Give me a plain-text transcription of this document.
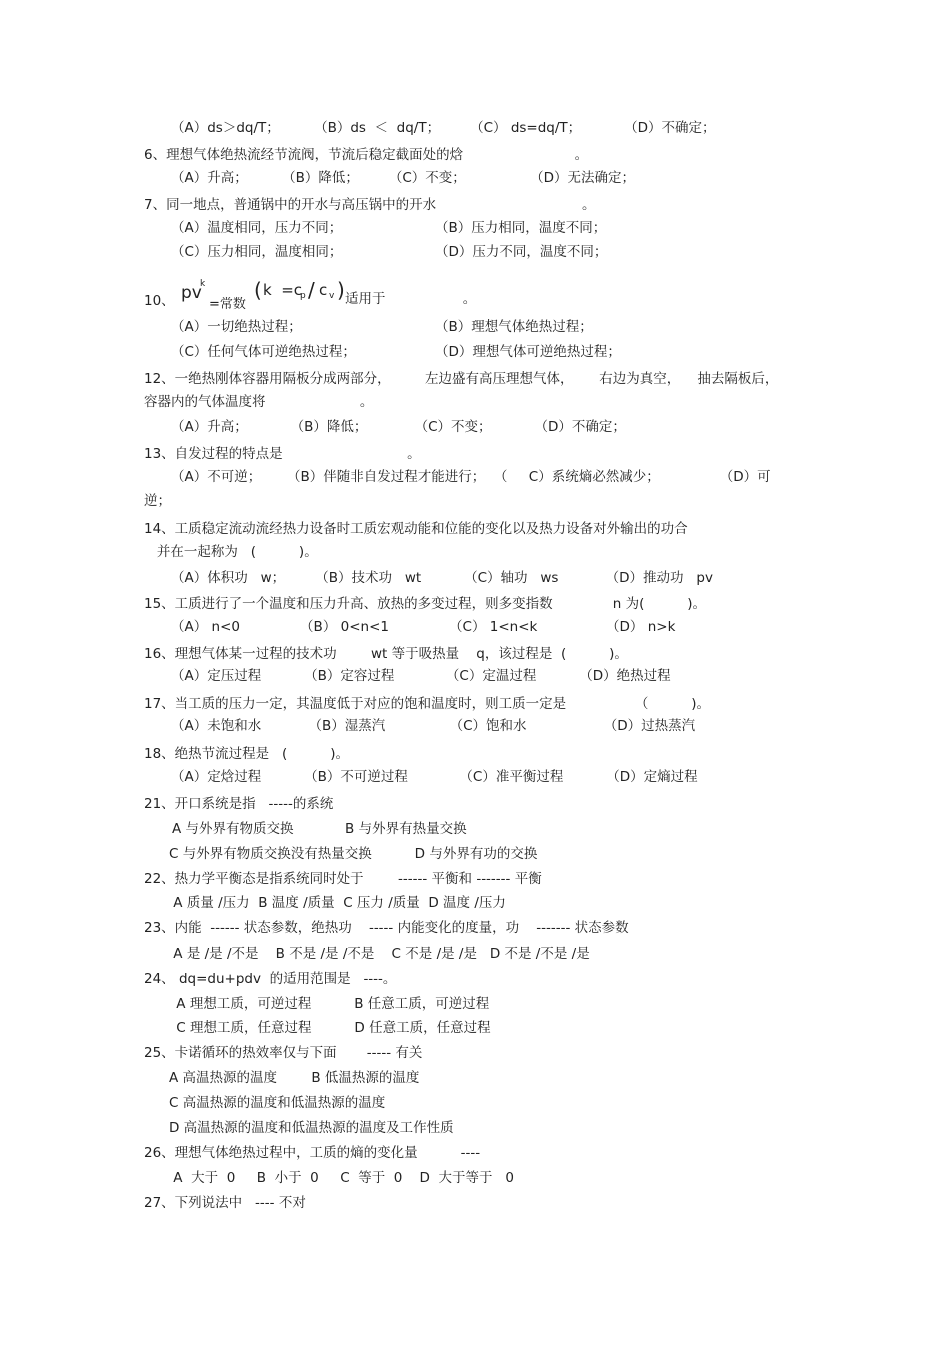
10、 pv
k
=常数
( k  =c
p / c v ) 适用于                  。
（A）ds＞dq/T；        （B）ds  ＜  dq/T；       （C） ds=dq/T；          （D）不确定；
6、理想气体绝热流经节流阀，节流后稳定截面处的焓                          。
（A）升高；        （B）降低；       （C）不变；               （D）无法确定；
7、同一地点，普通锅中的开水与高压锅中的开水                                  。
（A）温度相同，压力不同；	（B）压力相同，温度不同；
（C）压力相同，温度相同；	（D）压力不同，温度不同；
（A）一切绝热过程；	（B）理想气体绝热过程；
（C）任何气体可逆绝热过程；	（D）理想气体可逆绝热过程；
12、一绝热刚体容器用隔板分成两部分，        左边盛有高压理想气体，      右边为真空，    抽去隔板后，
容器内的气体温度将                      。
（A）升高；          （B）降低；           （C）不变；          （D）不确定；
13、自发过程的特点是                             。
（A）不可逆；      （B）伴随非自发过程才能进行；  （     C）系统熵必然减少；              （D）可
逆；
14、工质稳定流动流经热力设备时工质宏观动能和位能的变化以及热力设备对外输出的功合
并在一起称为   (          )。
（A）体积功   w；       （B）技术功   wt          （C）轴功   ws           （D）推动功   pv
15、工质进行了一个温度和压力升高、放热的多变过程，则多变指数              n 为(          )。
（A） n<0              （B） 0<n<1              （C） 1<n<k                （D） n>k
16、理想气体某一过程的技术功        wt 等于吸热量    q，该过程是  (          )。
（A）定压过程          （B）定容过程            （C）定温过程          （D）绝热过程
17、当工质的压力一定，其温度低于对应的饱和温度时，则工质一定是                （          )。
（A）未饱和水           （B）湿蒸汽               （C）饱和水                  （D）过热蒸汽
18、绝热节流过程是   (          )。
（A）定焓过程          （B）不可逆过程            （C）准平衡过程          （D）定熵过程
21、开口系统是指   -----的系统
A 与外界有物质交换            B 与外界有热量交换
C 与外界有物质交换没有热量交换          D 与外界有功的交换
22、热力学平衡态是指系统同时处于        ------ 平衡和 ------- 平衡
A 质量 /压力  B 温度 /质量  C 压力 /质量  D 温度 /压力
23、内能  ------ 状态参数，绝热功    ----- 内能变化的度量，功    ------- 状态参数
A 是 /是 /不是    B 不是 /是 /不是    C 不是 /是 /是   D 不是 /不是 /是
24、 dq=du+pdv  的适用范围是   ----。
A 理想工质，可逆过程          B 任意工质，可逆过程
C 理想工质，任意过程          D 任意工质，任意过程
25、卡诺循环的热效率仅与下面       ----- 有关
A 高温热源的温度        B 低温热源的温度
C 高温热源的温度和低温热源的温度
D 高温热源的温度和低温热源的温度及工作性质
26、理想气体绝热过程中，工质的熵的变化量          ----
A  大于  0     B  小于  0     C  等于  0    D  大于等于   0
27、下列说法中   ---- 不对
